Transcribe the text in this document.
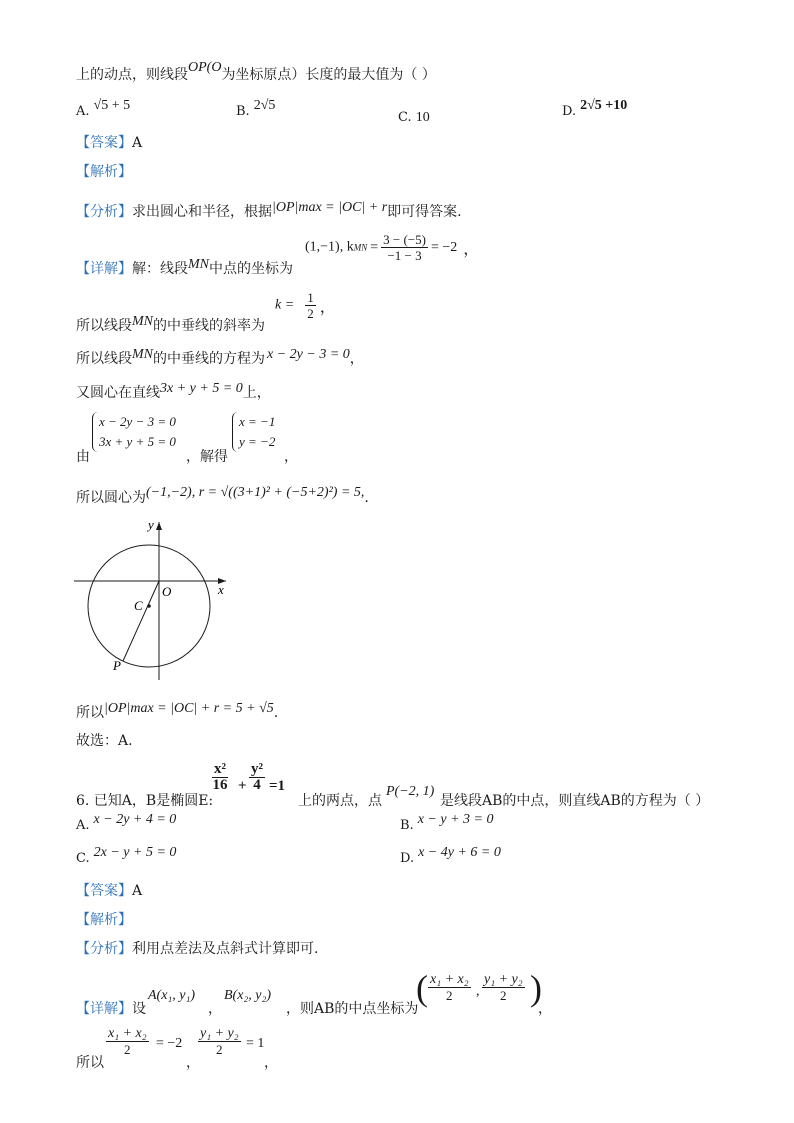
上的动点，则线段OP(O为坐标原点）长度的最大值为（ ）
A. √5 + 5	B. 2√5
C. 10	D. 2√5 +10
【答案】A
【解析】
【分析】求出圆心和半径，根据|OP|max = |OC| + r即可得答案.
【详解】解：线段MN中点的坐标为
(1,−1), kMN = $\frac{3 - (-5)}{-1 - 3} = -2$ ，
所以线段MN的中垂线的斜率为
$k = \frac{1}{2}$ ，
所以线段MN的中垂线的方程为 x − 2y − 3 = 0，
又圆心在直线3x + y + 5 = 0上，
由
x − 2y − 3 = 0
3x + y + 5 = 0
，解得
x = −1
y = −2
，
所以圆心为(−1,−2), r = √((3+1)² + (−5+2)²) = 5,.
y
x
O
C
P
所以|OP|max = |OC| + r = 5 + √5.
故选：A.
6. 已知A，B是椭圆E:
$\frac{\text{x²}}{16} + \frac{\text{y²}}{4} =1$
上的两点，点
P(−2, 1)
是线段AB的中点，则直线AB的方程为（ ）
A. x − 2y + 4 = 0	B. x − y + 3 = 0
C. 2x − y + 5 = 0	D. x − 4y + 6 = 0
【答案】A
【解析】
【分析】利用点差法及点斜式计算即可.
【详解】 设
A(x₁, y₁)
，
B(x₂, y₂)
，则AB的中点坐标为
( $\frac{\text{x₁ + x₂}}{2}$ , $\frac{\text{y₁ + y₂}}{2}$ )
，
所以
$\frac{\text{x₁ + x₂}}{2} = -2$
，
$\frac{\text{y₁ + y₂}}{2} = 1$
，
